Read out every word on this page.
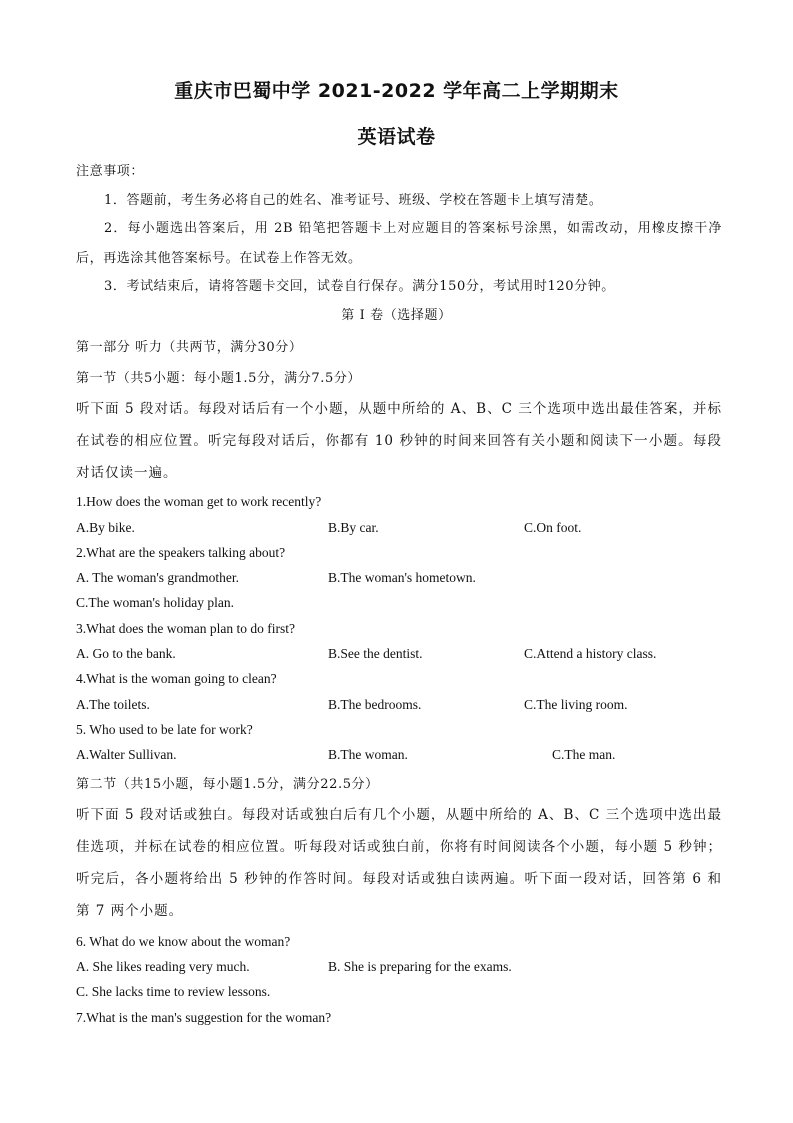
重庆市巴蜀中学 2021-2022 学年高二上学期期末
英语试卷
注意事项：
1．答题前，考生务必将自己的姓名、准考证号、班级、学校在答题卡上填写清楚。
2．每小题选出答案后，用 2B 铅笔把答题卡上对应题目的答案标号涂黑，如需改动，用橡皮擦干净后，再选涂其他答案标号。在试卷上作答无效。
3．考试结束后，请将答题卡交回，试卷自行保存。满分150分，考试用时120分钟。
第 I 卷（选择题）
第一部分 听力（共两节，满分30分）
第一节（共5小题：每小题1.5分，满分7.5分）
听下面 5 段对话。每段对话后有一个小题，从题中所给的 A、B、C 三个选项中选出最佳答案，并标在试卷的相应位置。听完每段对话后，你都有 10 秒钟的时间来回答有关小题和阅读下一小题。每段对话仅读一遍。
1.How does the woman get to work recently?
A.By bike.	B.By car.	C.On foot.
2.What are the speakers talking about?
A. The woman's grandmother.	B.The woman's hometown.
C.The woman's holiday plan.
3.What does the woman plan to do first?
A. Go to the bank.	B.See the dentist.	C.Attend a history class.
4.What is the woman going to clean?
A.The toilets.	B.The bedrooms.	C.The living room.
5. Who used to be late for work?
A.Walter Sullivan.	B.The woman.	C.The man.
第二节（共15小题，每小题1.5分，满分22.5分）
听下面 5 段对话或独白。每段对话或独白后有几个小题，从题中所给的 A、B、C 三个选项中选出最佳选项，并标在试卷的相应位置。听每段对话或独白前，你将有时间阅读各个小题，每小题 5 秒钟；听完后，各小题将给出 5 秒钟的作答时间。每段对话或独白读两遍。听下面一段对话，回答第 6 和第 7 两个小题。
6. What do we know about the woman?
A. She likes reading very much.	B. She is preparing for the exams.
C. She lacks time to review lessons.
7.What is the man's suggestion for the woman?
